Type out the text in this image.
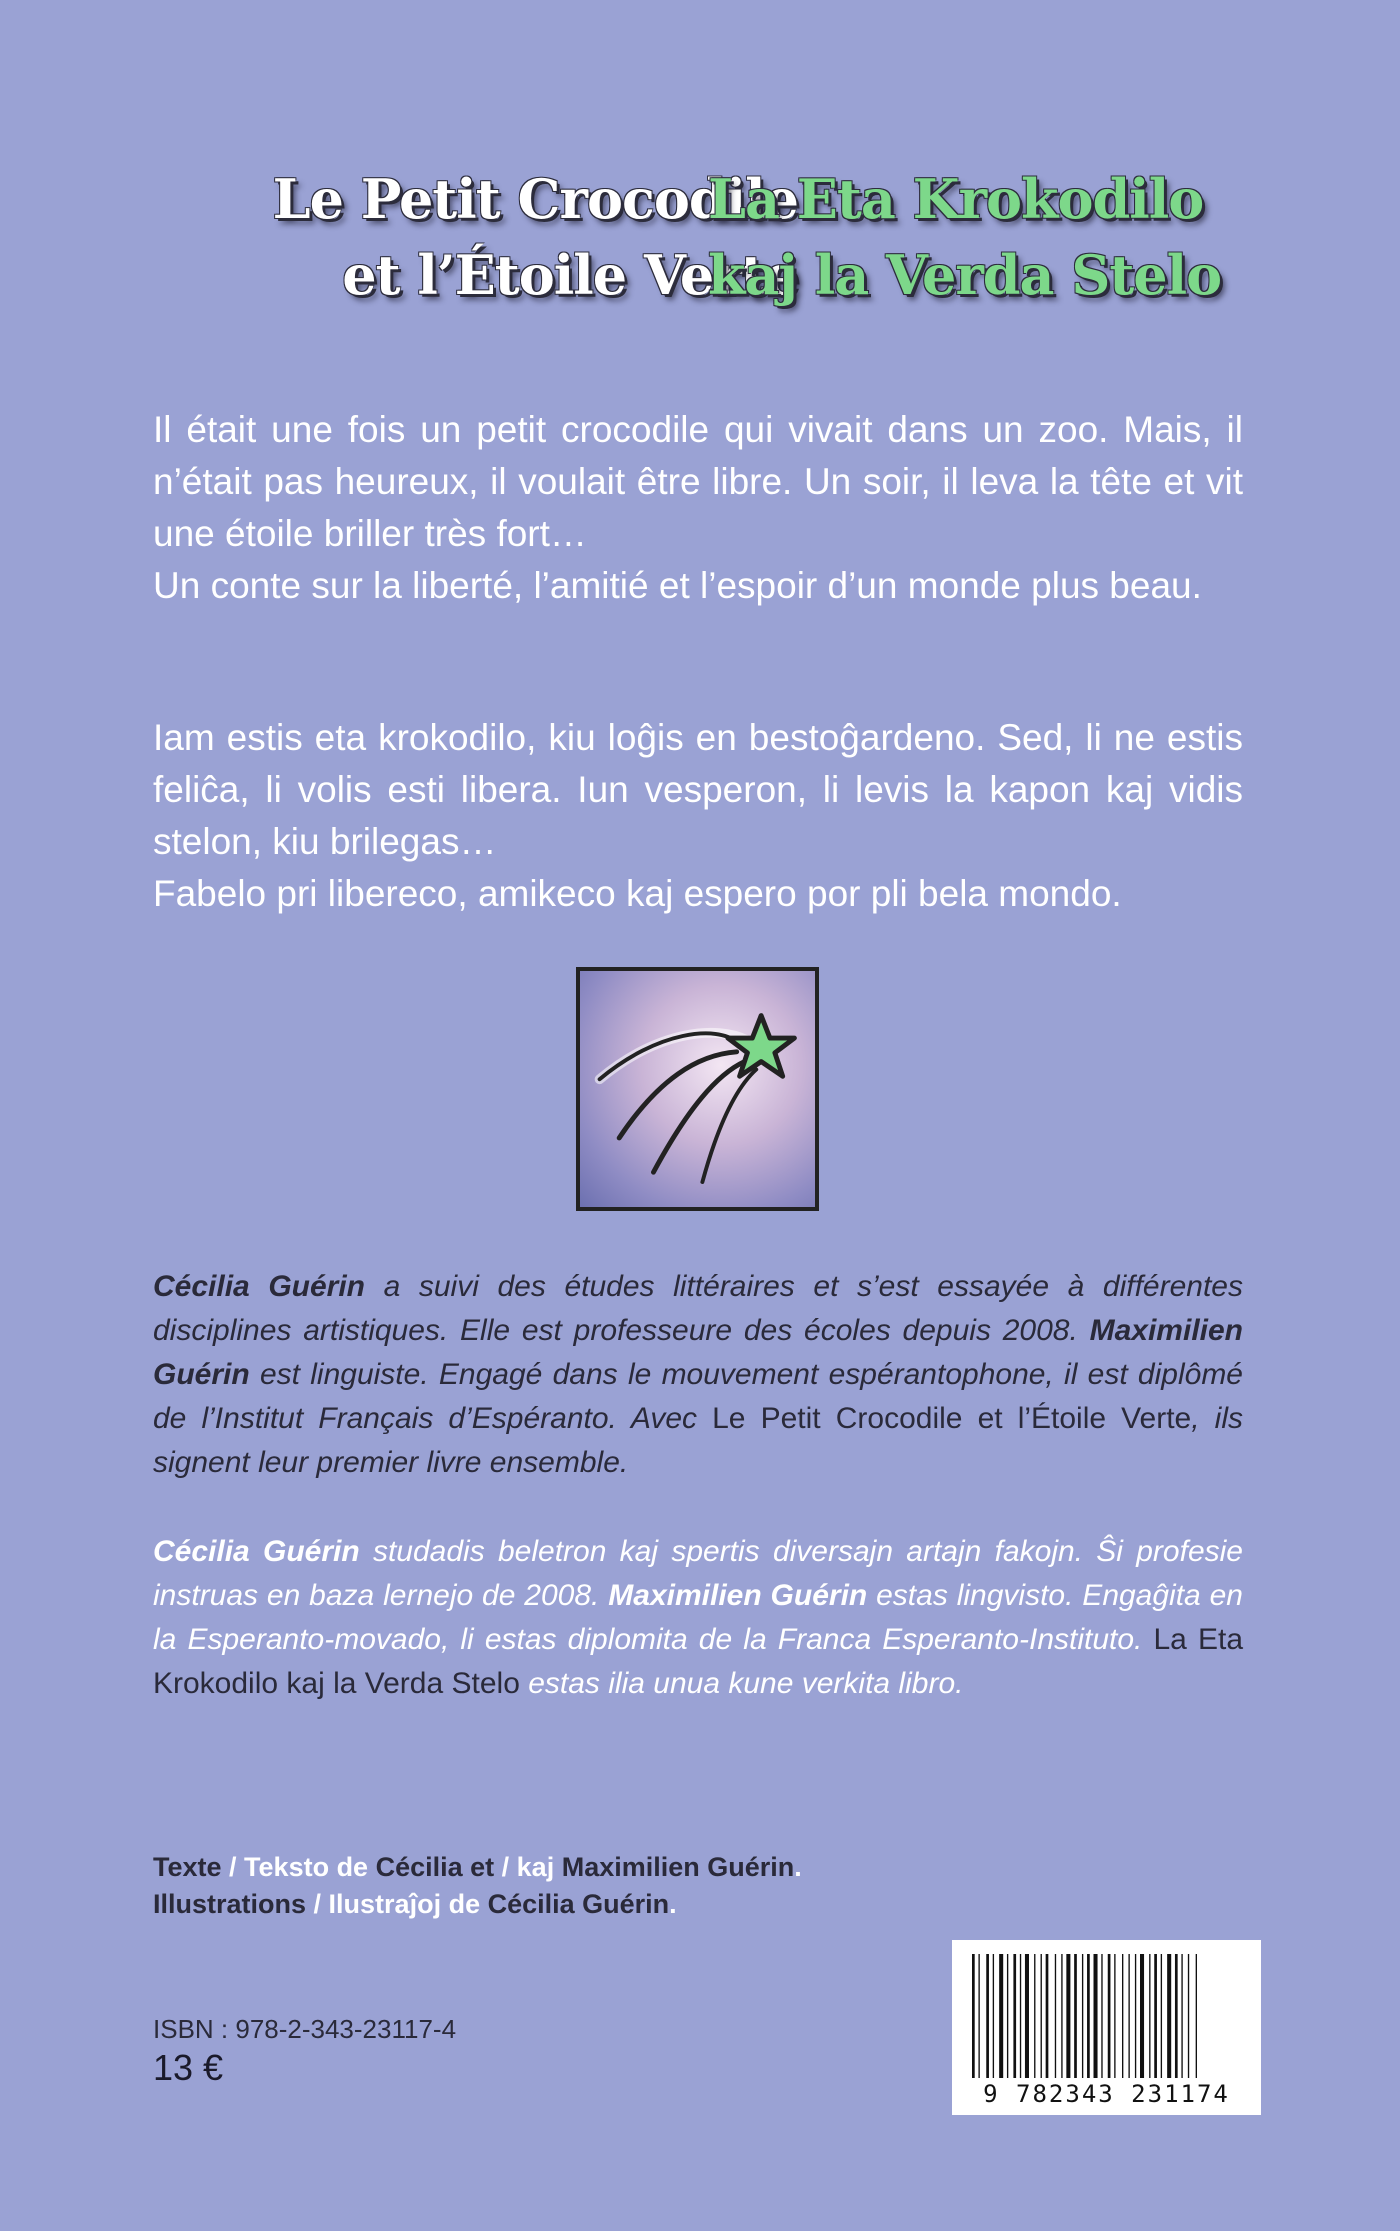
Le Petit Crocodile
et l’Étoile Verte
La Eta Krokodilo
kaj la Verda Stelo

Il était une fois un petit crocodile qui vivait dans un zoo. Mais, il n’était pas heureux, il voulait être libre. Un soir, il leva la tête et vit une étoile briller très fort…

Un conte sur la liberté, l’amitié et l’espoir d’un monde plus beau.

Iam estis eta krokodilo, kiu loĝis en bestoĝardeno. Sed, li ne estis feliĉa, li volis esti libera. Iun vesperon, li levis la kapon kaj vidis stelon, kiu brilegas…

Fabelo pri libereco, amikeco kaj espero por pli bela mondo.

Cécilia Guérin a suivi des études littéraires et s’est essayée à différentes disciplines artistiques. Elle est professeure des écoles depuis 2008. Maximilien Guérin est linguiste. Engagé dans le mouvement espérantophone, il est diplômé de l’Institut Français d’Espéranto. Avec Le Petit Crocodile et l’Étoile Verte, ils signent leur premier livre ensemble.

Cécilia Guérin studadis beletron kaj spertis diversajn artajn fakojn. Ŝi profesie instruas en baza lernejo de 2008. Maximilien Guérin estas lingvisto. Engaĝita en la Esperanto-movado, li estas diplomita de la Franca Esperanto-Instituto. La Eta Krokodilo kaj la Verda Stelo estas ilia unua kune verkita libro.

Texte / Teksto de Cécilia et / kaj Maximilien Guérin.
Illustrations / Ilustraĵoj de Cécilia Guérin.
ISBN : 978-2-343-23117-4
13 €
9 782343 231174
